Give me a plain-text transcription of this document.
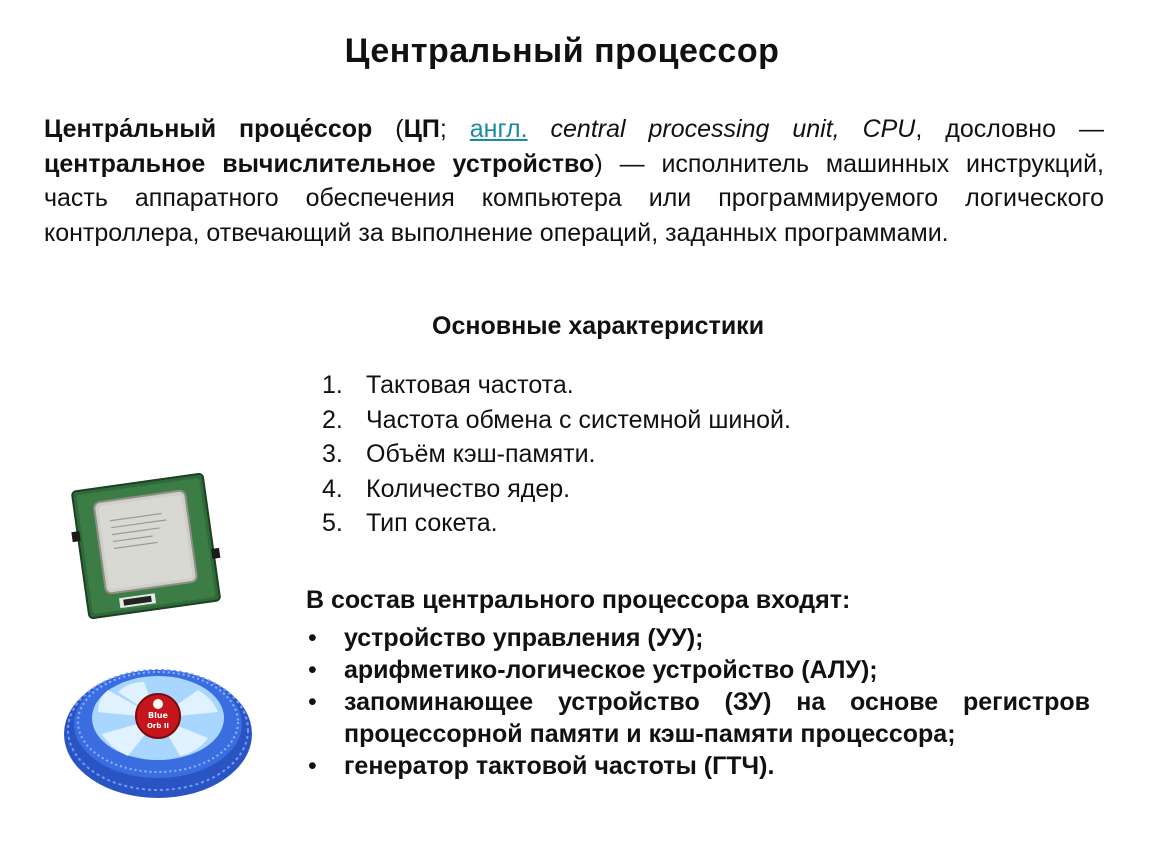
Центральный процессор
Центра́льный проце́ссор (ЦП; англ. central processing unit, CPU, дословно — центральное вычислительное устройство) — исполнитель машинных инструкций, часть аппаратного обеспечения компьютера или программируемого логического контроллера, отвечающий за выполнение операций, заданных программами.
Основные характеристики
1. Тактовая частота.
2. Частота обмена с системной шиной.
3. Объём кэш-памяти.
4. Количество ядер.
5. Тип сокета.
В состав центрального процессора входят:
• устройство управления (УУ);
• арифметико-логическое устройство (АЛУ);
• запоминающее устройство (ЗУ) на основе регистров процессорной памяти и кэш-памяти процессора;
• генератор тактовой частоты (ГТЧ).
Blue
Orb II
